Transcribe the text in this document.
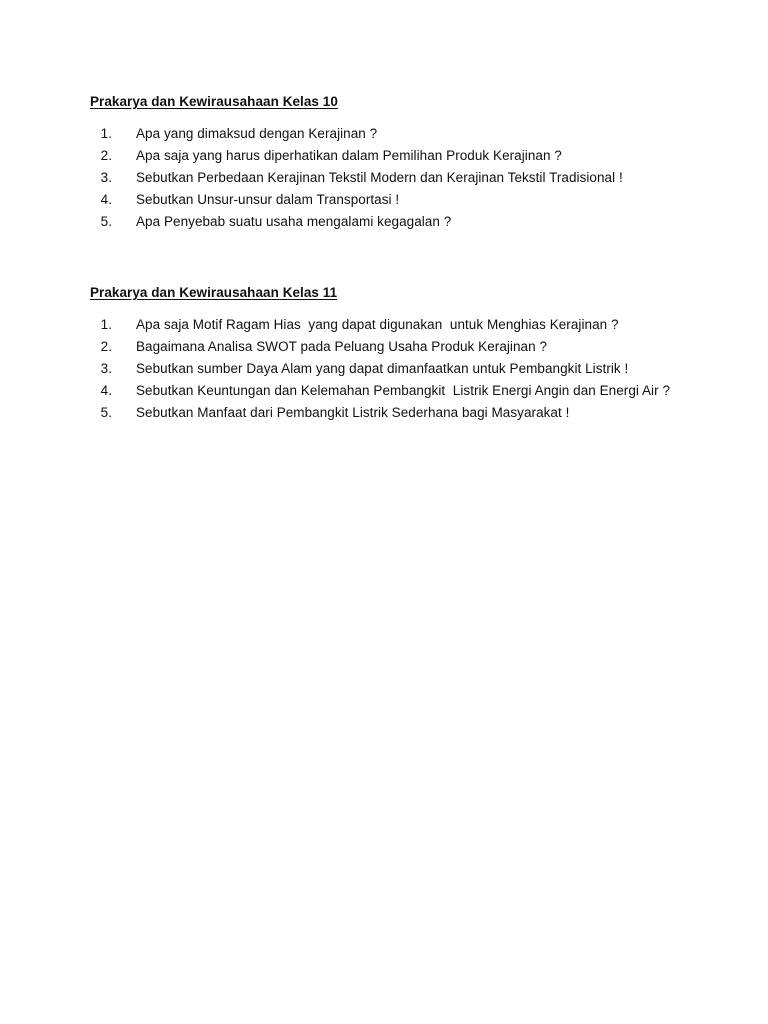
Prakarya dan Kewirausahaan Kelas 10
1. Apa yang dimaksud dengan Kerajinan ?
2. Apa saja yang harus diperhatikan dalam Pemilihan Produk Kerajinan ?
3. Sebutkan Perbedaan Kerajinan Tekstil Modern dan Kerajinan Tekstil Tradisional !
4. Sebutkan Unsur-unsur dalam Transportasi !
5. Apa Penyebab suatu usaha mengalami kegagalan ?
Prakarya dan Kewirausahaan Kelas 11
1. Apa saja Motif Ragam Hias  yang dapat digunakan  untuk Menghias Kerajinan ?
2. Bagaimana Analisa SWOT pada Peluang Usaha Produk Kerajinan ?
3. Sebutkan sumber Daya Alam yang dapat dimanfaatkan untuk Pembangkit Listrik !
4. Sebutkan Keuntungan dan Kelemahan Pembangkit  Listrik Energi Angin dan Energi Air ?
5. Sebutkan Manfaat dari Pembangkit Listrik Sederhana bagi Masyarakat !
